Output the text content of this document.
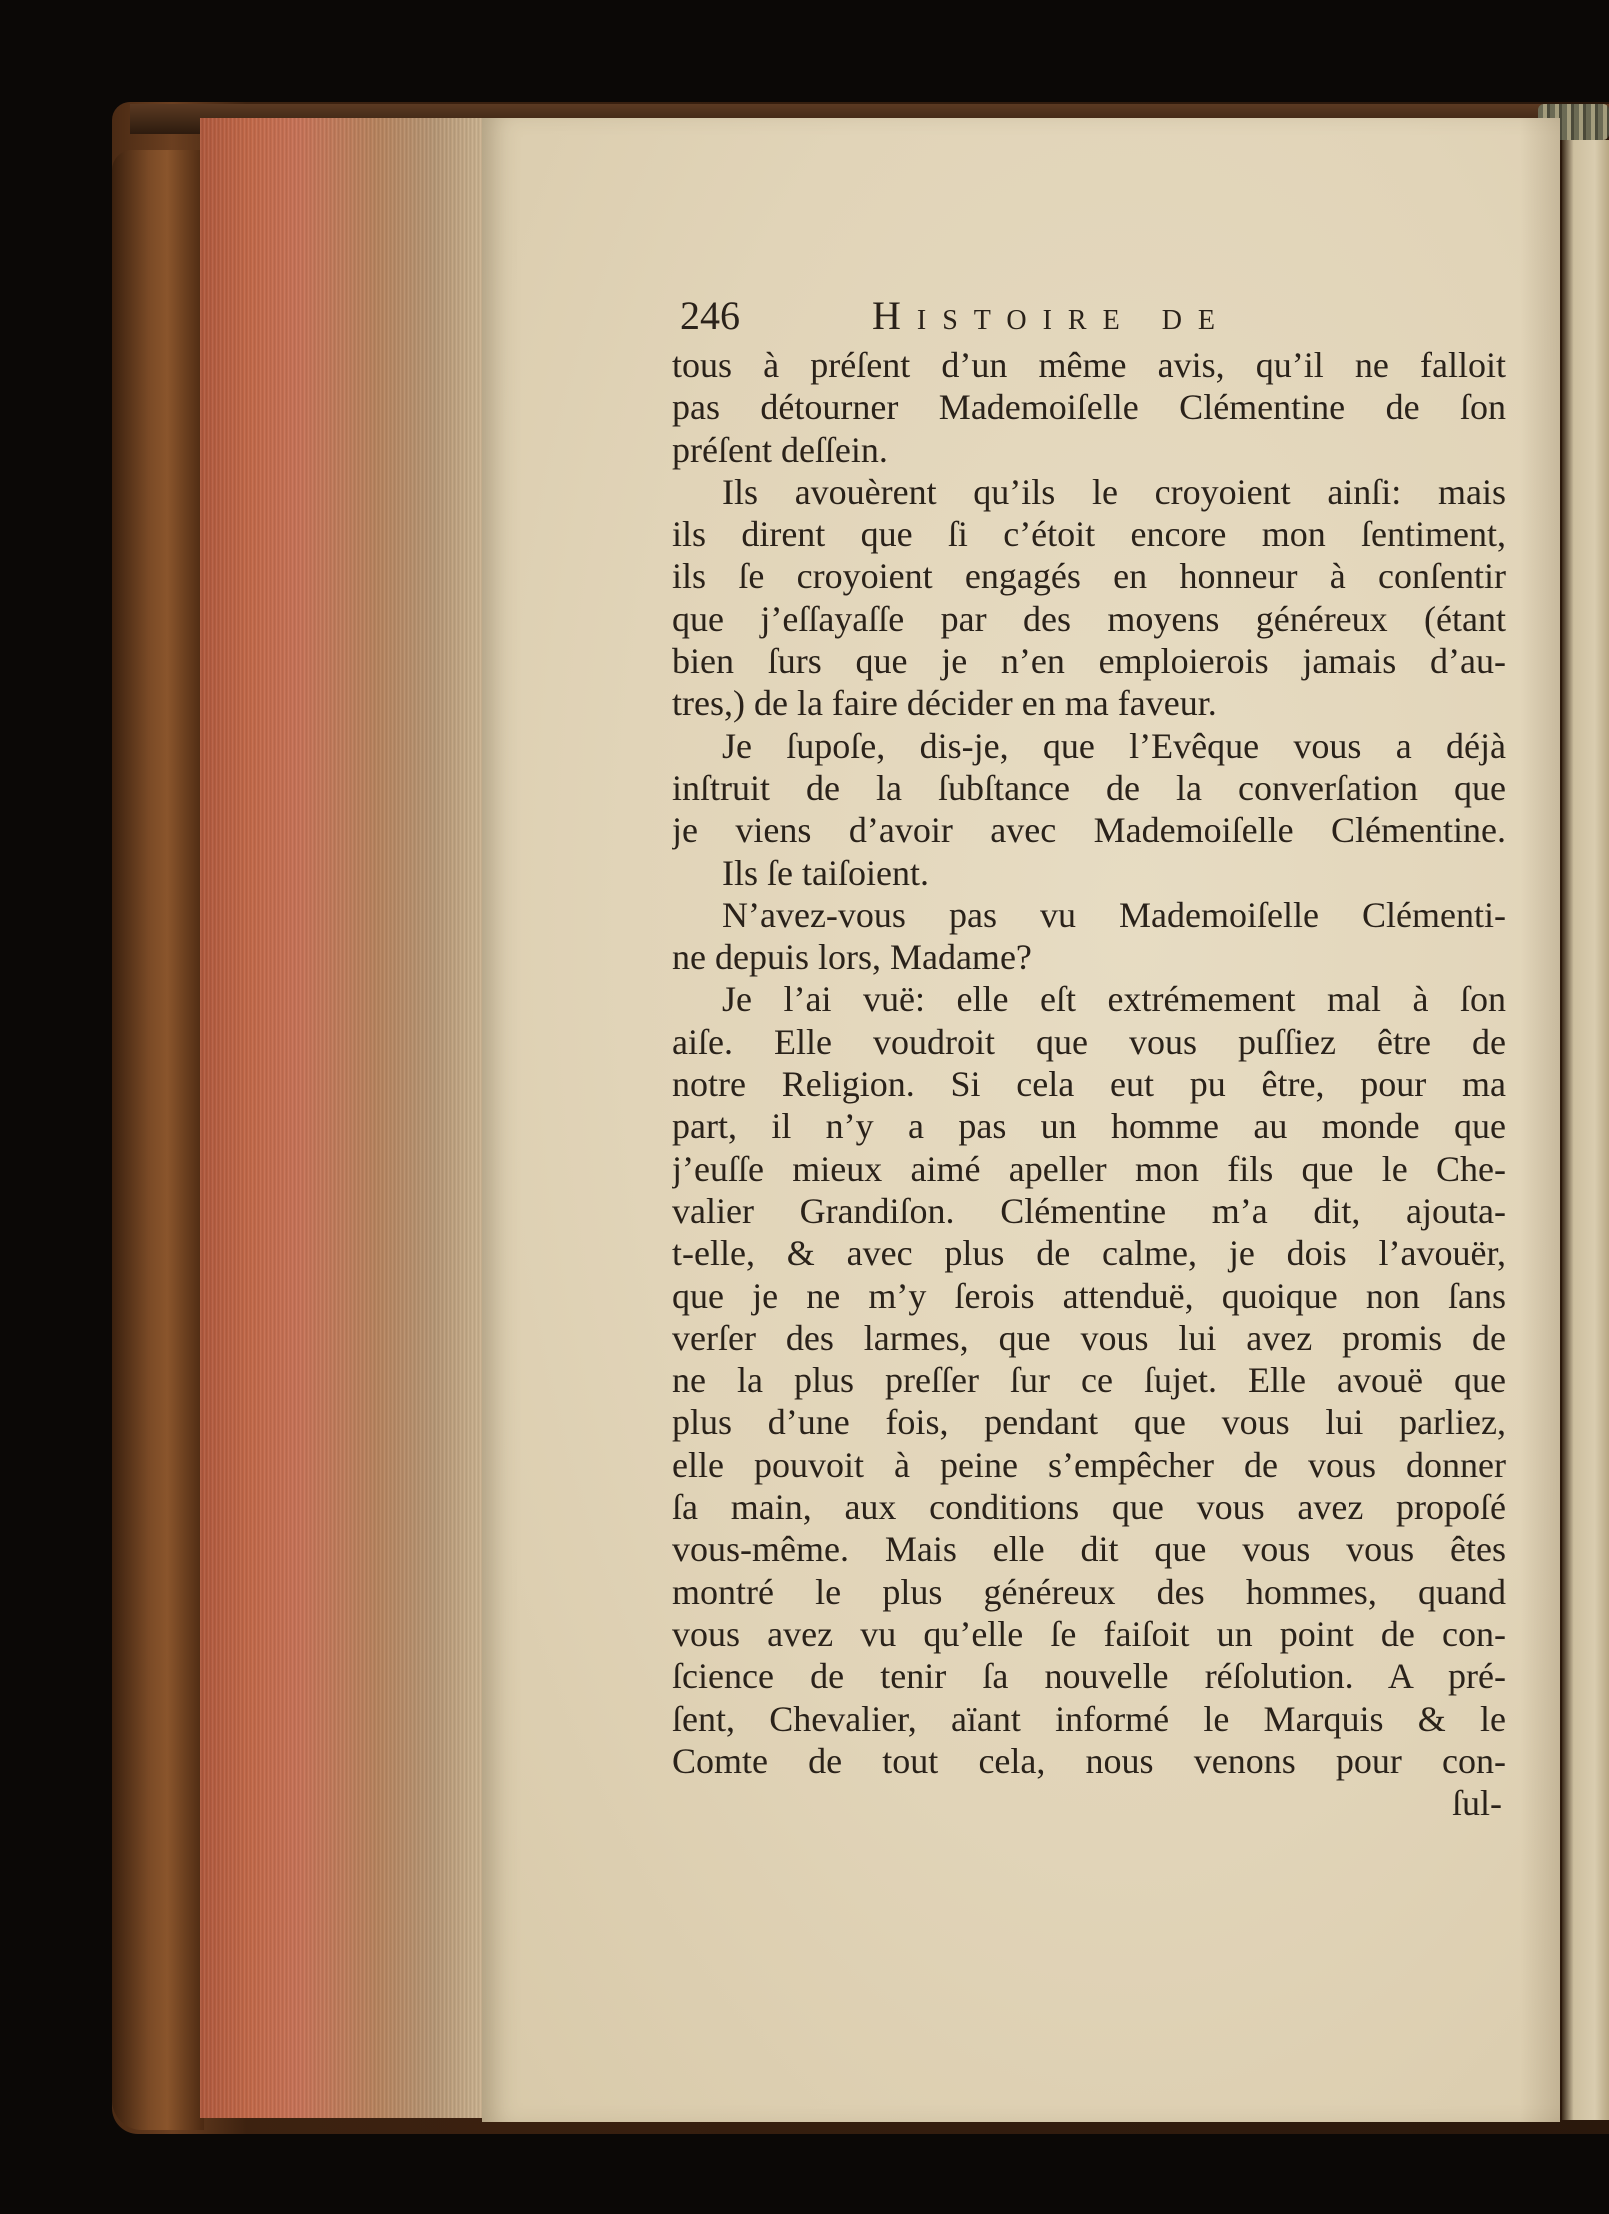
246	Histoire de
tous à préſent d’un même avis, qu’il ne falloit
pas détourner Mademoiſelle Clémentine de ſon
préſent deſſein.
Ils avouèrent qu’ils le croyoient ainſi: mais
ils dirent que ſi c’étoit encore mon ſentiment,
ils ſe croyoient engagés en honneur à conſentir
que j’eſſayaſſe par des moyens généreux (étant
bien ſurs que je n’en emploierois jamais d’au-
tres,) de la faire décider en ma faveur.
Je ſupoſe, dis-je, que l’Evêque vous a déjà
inſtruit de la ſubſtance de la converſation que
je viens d’avoir avec Mademoiſelle Clémentine.
Ils ſe taiſoient.
N’avez-vous pas vu Mademoiſelle Clémenti-
ne depuis lors, Madame?
Je l’ai vuë: elle eſt extrémement mal à ſon
aiſe. Elle voudroit que vous puſſiez être de
notre Religion. Si cela eut pu être, pour ma
part, il n’y a pas un homme au monde que
j’euſſe mieux aimé apeller mon fils que le Che-
valier Grandiſon. Clémentine m’a dit, ajouta-
t-elle, & avec plus de calme, je dois l’avouër,
que je ne m’y ſerois attenduë, quoique non ſans
verſer des larmes, que vous lui avez promis de
ne la plus preſſer ſur ce ſujet. Elle avouë que
plus d’une fois, pendant que vous lui parliez,
elle pouvoit à peine s’empêcher de vous donner
ſa main, aux conditions que vous avez propoſé
vous-même. Mais elle dit que vous vous êtes
montré le plus généreux des hommes, quand
vous avez vu qu’elle ſe faiſoit un point de con-
ſcience de tenir ſa nouvelle réſolution. A pré-
ſent, Chevalier, aïant informé le Marquis & le
Comte de tout cela, nous venons pour con-
ſul-
